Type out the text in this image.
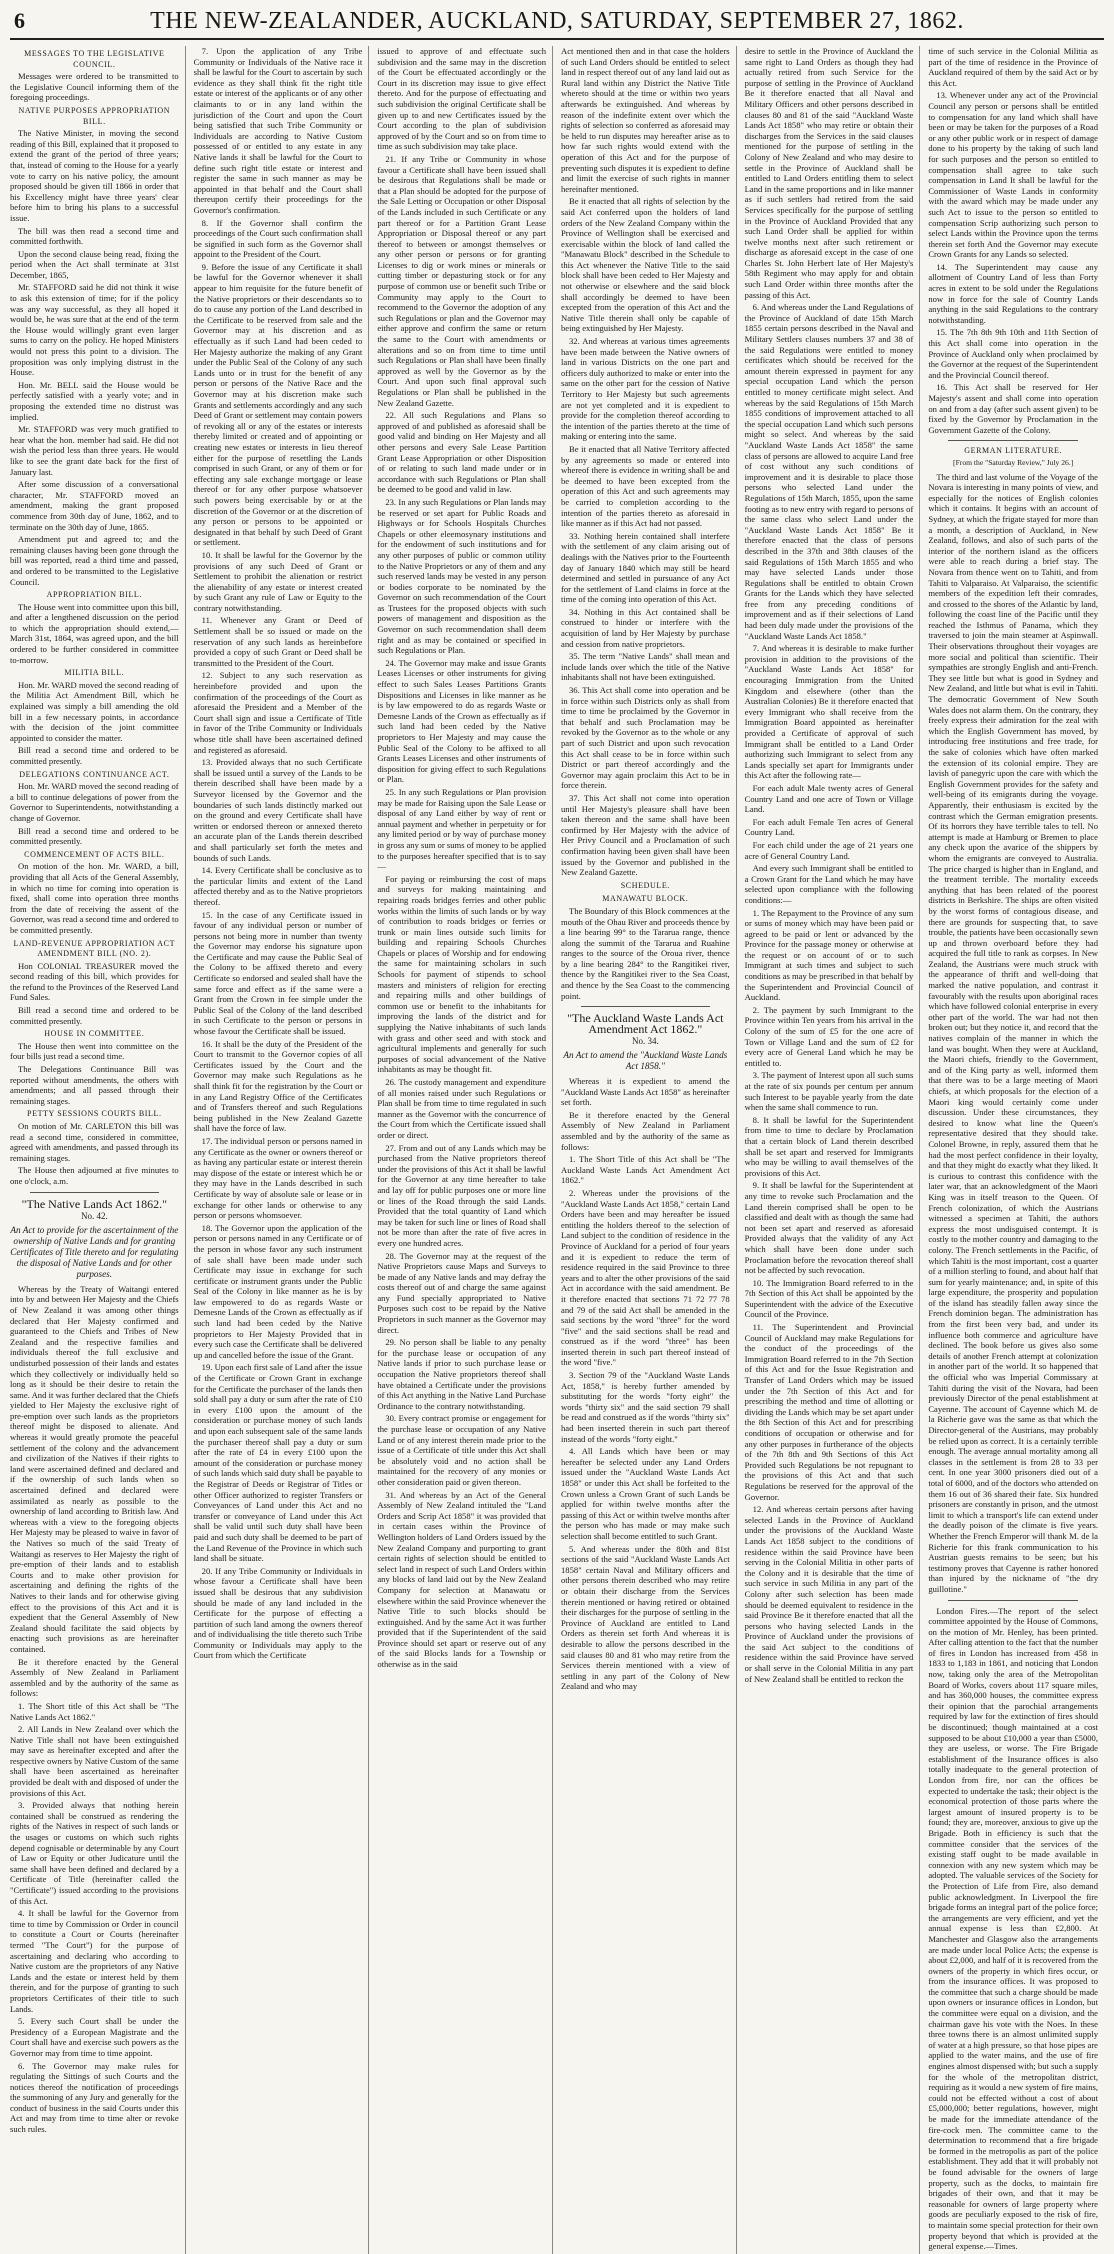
6	THE NEW-ZEALANDER, AUCKLAND, SATURDAY, SEPTEMBER 27, 1862.
MESSAGES TO THE LEGISLATIVE COUNCIL.
Messages were ordered to be transmitted to the Legislative Council informing them of the foregoing proceedings.
NATIVE PURPOSES APPROPRIATION BILL.
The Native Minister, in moving the second reading of this Bill, explained that it proposed to extend the grant of the period of three years; that, instead of coming to the House for a yearly vote to carry on his native policy, the amount proposed should be given till 1866 in order that his Excellency might have three years' clear before him to bring his plans to a successful issue.
The bill was then read a second time and committed forthwith.
Upon the second clause being read, fixing the period when the Act shall terminate at 31st December, 1865,
Mr. STAFFORD said he did not think it wise to ask this extension of time; for if the policy was any way successful, as they all hoped it would be, he was sure that at the end of the term the House would willingly grant even larger sums to carry on the policy. He hoped Ministers would not press this point to a division. The proposition was only implying distrust in the House.
Hon. Mr. BELL said the House would be perfectly satisfied with a yearly vote; and in proposing the extended time no distrust was implied.
Mr. STAFFORD was very much gratified to hear what the hon. member had said. He did not wish the period less than three years. He would like to see the grant date back for the first of January last.
After some discussion of a conversational character, Mr. STAFFORD moved an amendment, making the grant proposed commence from 30th day of June, 1862, and to terminate on the 30th day of June, 1865.
Amendment put and agreed to; and the remaining clauses having been gone through the bill was reported, read a third time and passed, and ordered to be transmitted to the Legislative Council.
APPROPRIATION BILL.
The House went into committee upon this bill, and after a lengthened discussion on the period to which the appropriation should extend,—March 31st, 1864, was agreed upon, and the bill ordered to be further considered in committee to-morrow.
MILITIA BILL.
Hon. Mr. WARD moved the second reading of the Militia Act Amendment Bill, which he explained was simply a bill amending the old bill in a few necessary points, in accordance with the decision of the joint committee appointed to consider the matter.
Bill read a second time and ordered to be committed presently.
DELEGATIONS CONTINUANCE ACT.
Hon. Mr. WARD moved the second reading of a bill to continue delegations of power from the Governor to Superintendents, notwithstanding a change of Governor.
Bill read a second time and ordered to be committed presently.
COMMENCEMENT OF ACTS BILL.
On motion of the hon. Mr. WARD, a bill, providing that all Acts of the General Assembly, in which no time for coming into operation is fixed, shall come into operation three months from the date of receiving the assent of the Governor, was read a second time and ordered to be committed presently.
LAND-REVENUE APPROPRIATION ACT AMENDMENT BILL (NO. 2).
Hon COLONIAL TREASURER moved the second reading of this bill, which provides for the refund to the Provinces of the Reserved Land Fund Sales.
Bill read a second time and ordered to be committed presently.
HOUSE IN COMMITTEE.
The House then went into committee on the four bills just read a second time.
The Delegations Continuance Bill was reported without amendments, the others with amendments; and all passed through their remaining stages.
PETTY SESSIONS COURTS BILL.
On motion of Mr. CARLETON this bill was read a second time, considered in committee, agreed with amendments, and passed through its remaining stages.
The House then adjourned at five minutes to one o'clock, a.m.
"The Native Lands Act 1862."
No. 42.
An Act to provide for the ascertainment of the ownership of Native Lands and for granting Certificates of Title thereto and for regulating the disposal of Native Lands and for other purposes.
Whereas by the Treaty of Waitangi entered into by and between Her Majesty and the Chiefs of New Zealand it was among other things declared that Her Majesty confirmed and guaranteed to the Chiefs and Tribes of New Zealand and the respective families and individuals thereof the full exclusive and undisturbed possession of their lands and estates which they collectively or individually held so long as it should be their desire to retain the same. And it was further declared that the Chiefs yielded to Her Majesty the exclusive right of pre-emption over such lands as the proprietors thereof might be disposed to alienate. And whereas it would greatly promote the peaceful settlement of the colony and the advancement and civilization of the Natives if their rights to land were ascertained defined and declared and if the ownership of such lands when so ascertained defined and declared were assimilated as nearly as possible to the ownership of land according to British law. And whereas with a view to the foregoing objects Her Majesty may be pleased to waive in favor of the Natives so much of the said Treaty of Waitangi as reserves to Her Majesty the right of pre-emption of their lands and to establish Courts and to make other provision for ascertaining and defining the rights of the Natives to their lands and for otherwise giving effect to the provisions of this Act and it is expedient that the General Assembly of New Zealand should facilitate the said objects by enacting such provisions as are hereinafter contained.
Be it therefore enacted by the General Assembly of New Zealand in Parliament assembled and by the authority of the same as follows:
1. The Short title of this Act shall be "The Native Lands Act 1862."
2. All Lands in New Zealand over which the Native Title shall not have been extinguished may save as hereinafter excepted and after the respective owners by Native Custom of the same shall have been ascertained as hereinafter provided be dealt with and disposed of under the provisions of this Act.
3. Provided always that nothing herein contained shall be construed as rendering the rights of the Natives in respect of such lands or the usages or customs on which such rights depend cognisable or determinable by any Court of Law or Equity or other Judicature until the same shall have been defined and declared by a Certificate of Title (hereinafter called the "Certificate") issued according to the provisions of this Act.
4. It shall be lawful for the Governor from time to time by Commission or Order in council to constitute a Court or Courts (hereinafter termed "The Court") for the purpose of ascertaining and declaring who according to Native custom are the proprietors of any Native Lands and the estate or interest held by them therein, and for the purpose of granting to such proprietors Certificates of their title to such Lands.
5. Every such Court shall be under the Presidency of a European Magistrate and the Court shall have and exercise such powers as the Governor may from time to time appoint.
6. The Governor may make rules for regulating the Sittings of such Courts and the notices thereof the notification of proceedings the summoning of any Jury and generally for the conduct of business in the said Courts under this Act and may from time to time alter or revoke such rules.
7. Upon the application of any Tribe Community or Individuals of the Native race it shall be lawful for the Court to ascertain by such evidence as they shall think fit the right title estate or interest of the applicants or of any other claimants to or in any land within the jurisdiction of the Court and upon the Court being satisfied that such Tribe Community or Individuals are according to Native Custom possessed of or entitled to any estate in any Native lands it shall be lawful for the Court to define such right title estate or interest and register the same in such manner as may be appointed in that behalf and the Court shall thereupon certify their proceedings for the Governor's confirmation.
8. If the Governor shall confirm the proceedings of the Court such confirmation shall be signified in such form as the Governor shall appoint to the President of the Court.
9. Before the issue of any Certificate it shall be lawful for the Governor whenever it shall appear to him requisite for the future benefit of the Native proprietors or their descendants so to do to cause any portion of the Land described in the Certificate to be reserved from sale and the Governor may at his discretion and as effectually as if such Land had been ceded to Her Majesty authorize the making of any Grant under the Public Seal of the Colony of any such Lands unto or in trust for the benefit of any person or persons of the Native Race and the Governor may at his discretion make such Grants and settlements accordingly and any such Deed of Grant or settlement may contain powers of revoking all or any of the estates or interests thereby limited or created and of appointing or creating new estates or interests in lieu thereof either for the purpose of resettling the Lands comprised in such Grant, or any of them or for effecting any sale exchange mortgage or lease thereof or for any other purpose whatsoever such powers being exercisable by or at the discretion of the Governor or at the discretion of any person or persons to be appointed or designated in that behalf by such Deed of Grant or settlement.
10. It shall be lawful for the Governor by the provisions of any such Deed of Grant or Settlement to prohibit the alienation or restrict the alienability of any estate or interest created by such Grant any rule of Law or Equity to the contrary notwithstanding.
11. Whenever any Grant or Deed of Settlement shall be so issued or made on the reservation of any such lands as hereinbefore provided a copy of such Grant or Deed shall be transmitted to the President of the Court.
12. Subject to any such reservation as hereinbefore provided and upon the confirmation of the proceedings of the Court as aforesaid the President and a Member of the Court shall sign and issue a Certificate of Title in favor of the Tribe Community or Individuals whose title shall have been ascertained defined and registered as aforesaid.
13. Provided always that no such Certificate shall be issued until a survey of the Lands to be therein described shall have been made by a Surveyor licensed by the Governor and the boundaries of such lands distinctly marked out on the ground and every Certificate shall have written or endorsed thereon or annexed thereto an accurate plan of the Lands therein described and shall particularly set forth the metes and bounds of such Lands.
14. Every Certificate shall be conclusive as to the particular limits and extent of the Land affected thereby and as to the Native proprietors thereof.
15. In the case of any Certificate issued in favour of any individual person or number of persons not being more in number than twenty the Governor may endorse his signature upon the Certificate and may cause the Public Seal of the Colony to be affixed thereto and every Certificate so endorsed and sealed shall have the same force and effect as if the same were a Grant from the Crown in fee simple under the Public Seal of the Colony of the land described in such Certificate to the person or persons in whose favour the Certificate shall be issued.
16. It shall be the duty of the President of the Court to transmit to the Governor copies of all Certificates issued by the Court and the Governor may make such Regulations as he shall think fit for the registration by the Court or in any Land Registry Office of the Certificates and of Transfers thereof and such Regulations being published in the New Zealand Gazette shall have the force of law.
17. The individual person or persons named in any Certificate as the owner or owners thereof or as having any particular estate or interest therein may dispose of the estate or interest which he or they may have in the Lands described in such Certificate by way of absolute sale or lease or in exchange for other lands or otherwise to any person or persons whomsoever.
18. The Governor upon the application of the person or persons named in any Certificate or of the person in whose favor any such instrument of sale shall have been made under such Certificate may issue in exchange for such certificate or instrument grants under the Public Seal of the Colony in like manner as he is by law empowered to do as regards Waste or Demesne Lands of the Crown as effectually as if such land had been ceded by the Native proprietors to Her Majesty Provided that in every such case the Certificate shall be delivered up and cancelled before the issue of the Grant.
19. Upon each first sale of Land after the issue of the Certificate or Crown Grant in exchange for the Certificate the purchaser of the lands then sold shall pay a duty or sum after the rate of £10 in every £100 upon the amount of the consideration or purchase money of such lands and upon each subsequent sale of the same lands the purchaser thereof shall pay a duty or sum after the rate of £4 in every £100 upon the amount of the consideration or purchase money of such lands which said duty shall be payable to the Registrar of Deeds or Registrar of Titles or other Officer authorized to register Transfers or Conveyances of Land under this Act and no transfer or conveyance of Land under this Act shall be valid until such duty shall have been paid and such duty shall be deemed to be part of the Land Revenue of the Province in which such land shall be situate.
20. If any Tribe Community or Individuals in whose favour a Certificate shall have been issued shall be desirous that any subdivision should be made of any land included in the Certificate for the purpose of effecting a partition of such land among the owners thereof and of individualising the title thereto such Tribe Community or Individuals may apply to the Court from which the Certificate
issued to approve of and effectuate such subdivision and the same may in the discretion of the Court be effectuated accordingly or the Court in its discretion may issue to give effect thereto. And for the purpose of effectuating and such subdivision the original Certificate shall be given up to and new Certificates issued by the Court according to the plan of subdivision approved of by the Court and so on from time to time as such subdivision may take place.
21. If any Tribe or Community in whose favour a Certificate shall have been issued shall be desirous that Regulations shall be made or that a Plan should be adopted for the purpose of the Sale Letting or Occupation or other Disposal of the Lands included in such Certificate or any part thereof or for a Partition Grant Lease Appropriation or Disposal thereof or any part thereof to between or amongst themselves or any other person or persons or for granting Licenses to dig or work mines or minerals or cutting timber or depasturing stock or for any purpose of common use or benefit such Tribe or Community may apply to the Court to recommend to the Governor the adoption of any such Regulations or plan and the Governor may either approve and confirm the same or return the same to the Court with amendments or alterations and so on from time to time until such Regulations or Plan shall have been finally approved as well by the Governor as by the Court. And upon such final approval such Regulations or Plan shall be published in the New Zealand Gazette.
22. All such Regulations and Plans so approved of and published as aforesaid shall be good valid and binding on Her Majesty and all other persons and every Sale Lease Partition Grant Lease Appropriation or other Disposition of or relating to such land made under or in accordance with such Regulations or Plan shall be deemed to be good and valid in law.
23. In any such Regulations or Plan lands may be reserved or set apart for Public Roads and Highways or for Schools Hospitals Churches Chapels or other eleemosynary institutions and for the endowment of such institutions and for any other purposes of public or common utility to the Native Proprietors or any of them and any such reserved lands may be vested in any person or bodies corporate to be nominated by the Governor on such recommendation of the Court as Trustees for the proposed objects with such powers of management and disposition as the Governor on such recommendation shall deem right and as may be contained or specified in such Regulations or Plan.
24. The Governor may make and issue Grants Leases Licenses or other instruments for giving effect to such Sales Leases Partitions Grants Dispositions and Licenses in like manner as he is by law empowered to do as regards Waste or Demesne Lands of the Crown as effectually as if such land had been ceded by the Native proprietors to Her Majesty and may cause the Public Seal of the Colony to be affixed to all Grants Leases Licenses and other instruments of disposition for giving effect to such Regulations or Plan.
25. In any such Regulations or Plan provision may be made for Raising upon the Sale Lease or disposal of any Land either by way of rent or annual payment and whether in perpetuity or for any limited period or by way of purchase money in gross any sum or sums of money to be applied to the purposes hereafter specified that is to say—
For paying or reimbursing the cost of maps and surveys for making maintaining and repairing roads bridges ferries and other public works within the limits of such lands or by way of contribution to roads bridges or ferries or trunk or main lines outside such limits for building and repairing Schools Churches Chapels or places of Worship and for endowing the same for maintaining scholars in such Schools for payment of stipends to school masters and ministers of religion for erecting and repairing mills and other buildings of common use or benefit to the inhabitants for improving the lands of the district and for supplying the Native inhabitants of such lands with grass and other seed and with stock and agricultural implements and generally for such purposes of social advancement of the Native inhabitants as may be thought fit.
26. The custody management and expenditure of all monies raised under such Regulations or Plan shall be from time to time regulated in such manner as the Governor with the concurrence of the Court from which the Certificate issued shall order or direct.
27. From and out of any Lands which may be purchased from the Native proprietors thereof under the provisions of this Act it shall be lawful for the Governor at any time hereafter to take and lay off for public purposes one or more line or lines of the Road through the said Lands. Provided that the total quantity of Land which may be taken for such line or lines of Road shall not be more than after the rate of five acres in every one hundred acres.
28. The Governor may at the request of the Native Proprietors cause Maps and Surveys to be made of any Native lands and may defray the costs thereof out of and charge the same against any Fund specially appropriated to Native Purposes such cost to be repaid by the Native Proprietors in such manner as the Governor may direct.
29. No person shall be liable to any penalty for the purchase lease or occupation of any Native lands if prior to such purchase lease or occupation the Native proprietors thereof shall have obtained a Certificate under the provisions of this Act anything in the Native Land Purchase Ordinance to the contrary notwithstanding.
30. Every contract promise or engagement for the purchase lease or occupation of any Native Land or of any interest therein made prior to the issue of a Certificate of title under this Act shall be absolutely void and no action shall be maintained for the recovery of any monies or other consideration paid or given thereon.
31. And whereas by an Act of the General Assembly of New Zealand intituled the "Land Orders and Scrip Act 1858" it was provided that in certain cases within the Province of Wellington holders of Land Orders issued by the New Zealand Company and purporting to grant certain rights of selection should be entitled to select land in respect of such Land Orders within any blocks of land laid out by the New Zealand Company for selection at Manawatu or elsewhere within the said Province whenever the Native Title to such blocks should be extinguished. And by the same Act it was further provided that if the Superintendent of the said Province should set apart or reserve out of any of the said Blocks lands for a Township or otherwise as in the said
Act mentioned then and in that case the holders of such Land Orders should be entitled to select land in respect thereof out of any land laid out as Rural land within any District the Native Title whereto should at the time or within two years afterwards be extinguished. And whereas by reason of the indefinite extent over which the rights of selection so conferred as aforesaid may be held to run disputes may hereafter arise as to how far such rights would extend with the operation of this Act and for the purpose of preventing such disputes it is expedient to define and limit the exercise of such rights in manner hereinafter mentioned.
Be it enacted that all rights of selection by the said Act conferred upon the holders of land orders of the New Zealand Company within the Province of Wellington shall be exercised and exercisable within the block of land called the "Manawatu Block" described in the Schedule to this Act whenever the Native Title to the said block shall have been ceded to Her Majesty and not otherwise or elsewhere and the said block shall accordingly be deemed to have been excepted from the operation of this Act and the Native Title therein shall only be capable of being extinguished by Her Majesty.
32. And whereas at various times agreements have been made between the Native owners of land in various Districts on the one part and officers duly authorized to make or enter into the same on the other part for the cession of Native Territory to Her Majesty but such agreements are not yet completed and it is expedient to provide for the completion thereof according to the intention of the parties thereto at the time of making or entering into the same.
Be it enacted that all Native Territory affected by any agreements so made or entered into whereof there is evidence in writing shall be and be deemed to have been excepted from the operation of this Act and such agreements may be carried to completion according to the intention of the parties thereto as aforesaid in like manner as if this Act had not passed.
33. Nothing herein contained shall interfere with the settlement of any claim arising out of dealings with the Natives prior to the Fourteenth day of January 1840 which may still be heard determined and settled in pursuance of any Act for the settlement of Land claims in force at the time of the coming into operation of this Act.
34. Nothing in this Act contained shall be construed to hinder or interfere with the acquisition of land by Her Majesty by purchase and cession from native proprietors.
35. The term "Native Lands" shall mean and include lands over which the title of the Native inhabitants shall not have been extinguished.
36. This Act shall come into operation and be in force within such Districts only as shall from time to time be proclaimed by the Governor in that behalf and such Proclamation may be revoked by the Governor as to the whole or any part of such District and upon such revocation this Act shall cease to be in force within such District or part thereof accordingly and the Governor may again proclaim this Act to be in force therein.
37. This Act shall not come into operation until Her Majesty's pleasure shall have been taken thereon and the same shall have been confirmed by Her Majesty with the advice of Her Privy Council and a Proclamation of such confirmation having been given shall have been issued by the Governor and published in the New Zealand Gazette.
SCHEDULE.
MANAWATU BLOCK.
The Boundary of this Block commences at the mouth of the Ohau River and proceeds thence by a line bearing 99° to the Tararua range, thence along the summit of the Tararua and Ruahine ranges to the source of the Oroua river, thence by a line bearing 284° to the Rangitikei river, thence by the Rangitikei river to the Sea Coast, and thence by the Sea Coast to the commencing point.
"The Auckland Waste Lands Act Amendment Act 1862."
No. 34.
An Act to amend the "Auckland Waste Lands Act 1858."
Whereas it is expedient to amend the "Auckland Waste Lands Act 1858" as hereinafter set forth.
Be it therefore enacted by the General Assembly of New Zealand in Parliament assembled and by the authority of the same as follows:
1. The Short Title of this Act shall be "The Auckland Waste Lands Act Amendment Act 1862."
2. Whereas under the provisions of the "Auckland Waste Lands Act 1858," certain Land Orders have been and may hereafter be issued entitling the holders thereof to the selection of Land subject to the condition of residence in the Province of Auckland for a period of four years and it is expedient to reduce the term of residence required in the said Province to three years and to alter the other provisions of the said Act in accordance with the said amendment. Be it therefore enacted that sections 71 72 77 78 and 79 of the said Act shall be amended in the said sections by the word "three" for the word "five" and the said sections shall be read and construed as if the word "three" has been inserted therein in such part thereof instead of the word "five."
3. Section 79 of the "Auckland Waste Lands Act, 1858," is hereby further amended by substituting for the words "forty eight" the words "thirty six" and the said section 79 shall be read and construed as if the words "thirty six" had been inserted therein in such part thereof instead of the words "forty eight."
4. All Lands which have been or may hereafter be selected under any Land Orders issued under the "Auckland Waste Lands Act 1858" or under this Act shall be forfeited to the Crown unless a Crown Grant of such Lands be applied for within twelve months after the passing of this Act or within twelve months after the person who has made or may make such selection shall become entitled to such Grant.
5. And whereas under the 80th and 81st sections of the said "Auckland Waste Lands Act 1858" certain Naval and Military officers and other persons therein described who may retire or obtain their discharge from the Services therein mentioned or having retired or obtained their discharges for the purpose of settling in the Province of Auckland are entitled to Land Orders as therein set forth And whereas it is desirable to allow the persons described in the said clauses 80 and 81 who may retire from the Services therein mentioned with a view of settling in any part of the Colony of New Zealand and who may
desire to settle in the Province of Auckland the same right to Land Orders as though they had actually retired from such Service for the purpose of settling in the Province of Auckland Be it therefore enacted that all Naval and Military Officers and other persons described in clauses 80 and 81 of the said "Auckland Waste Lands Act 1858" who may retire or obtain their discharges from the Services in the said clauses mentioned for the purpose of settling in the Colony of New Zealand and who may desire to settle in the Province of Auckland shall be entitled to Land Orders entitling them to select Land in the same proportions and in like manner as if such settlers had retired from the said Services specifically for the purpose of settling in the Province of Auckland Provided that any such Land Order shall be applied for within twelve months next after such retirement or discharge as aforesaid except in the case of one Charles St. John Herbert late of Her Majesty's 58th Regiment who may apply for and obtain such Land Order within three months after the passing of this Act.
6. And whereas under the Land Regulations of the Province of Auckland of date 15th March 1855 certain persons described in the Naval and Military Settlers clauses numbers 37 and 38 of the said Regulations were entitled to money certificates which should be received for the amount therein expressed in payment for any special occupation Land which the person entitled to money certificate might select. And whereas by the said Regulations of 15th March 1855 conditions of improvement attached to all the special occupation Land which such persons might so select. And whereas by the said "Auckland Waste Lands Act 1858" the same class of persons are allowed to acquire Land free of cost without any such conditions of improvement and it is desirable to place those persons who selected Land under the Regulations of 15th March, 1855, upon the same footing as to new entry with regard to persons of the same class who select Land under the "Auckland Waste Lands Act 1858" Be it therefore enacted that the class of persons described in the 37th and 38th clauses of the said Regulations of 15th March 1855 and who may have selected Lands under those Regulations shall be entitled to obtain Crown Grants for the Lands which they have selected free from any preceding conditions of improvement and as if their selections of Land had been duly made under the provisions of the "Auckland Waste Lands Act 1858."
7. And whereas it is desirable to make further provision in addition to the provisions of the "Auckland Waste Lands Act 1858" for encouraging Immigration from the United Kingdom and elsewhere (other than the Australian Colonies) Be it therefore enacted that every Immigrant who shall receive from the Immigration Board appointed as hereinafter provided a Certificate of approval of such Immigrant shall be entitled to a Land Order authorizing such Immigrant to select from any Lands specially set apart for Immigrants under this Act after the following rate—
For each adult Male twenty acres of General Country Land and one acre of Town or Village Land.
For each adult Female Ten acres of General Country Land.
For each child under the age of 21 years one acre of General Country Land.
And every such Immigrant shall be entitled to a Crown Grant for the Land which he may have selected upon compliance with the following conditions:—
1. The Repayment to the Province of any sum or sums of money which may have been paid or agreed to be paid or lent or advanced by the Province for the passage money or otherwise at the request or on account of or to such Immigrant at such times and subject to such conditions as may be prescribed in that behalf by the Superintendent and Provincial Council of Auckland.
2. The payment by such Immigrant to the Province within Ten years from his arrival in the Colony of the sum of £5 for the one acre of Town or Village Land and the sum of £2 for every acre of General Land which he may be entitled to.
3. The payment of Interest upon all such sums at the rate of six pounds per centum per annum such Interest to be payable yearly from the date when the same shall commence to run.
8. It shall be lawful for the Superintendent from time to time to declare by Proclamation that a certain block of Land therein described shall be set apart and reserved for Immigrants who may be willing to avail themselves of the provisions of this Act.
9. It shall be lawful for the Superintendent at any time to revoke such Proclamation and the Land therein comprised shall be open to be classified and dealt with as though the same had not been set apart and reserved as aforesaid Provided always that the validity of any Act which shall have been done under such Proclamation before the revocation thereof shall not be affected by such revocation.
10. The Immigration Board referred to in the 7th Section of this Act shall be appointed by the Superintendent with the advice of the Executive Council of the Province.
11. The Superintendent and Provincial Council of Auckland may make Regulations for the conduct of the proceedings of the Immigration Board referred to in the 7th Section of this Act and for the Issue Registration and Transfer of Land Orders which may be issued under the 7th Section of this Act and for prescribing the method and time of allotting or dividing the Lands which may be set apart under the 8th Section of this Act and for prescribing conditions of occupation or otherwise and for any other purposes in furtherance of the objects of the 7th 8th and 9th Sections of this Act Provided such Regulations be not repugnant to the provisions of this Act and that such Regulations be reserved for the approval of the Governor.
12. And whereas certain persons after having selected Lands in the Province of Auckland under the provisions of the Auckland Waste Lands Act 1858 subject to the conditions of residence within the said Province have been serving in the Colonial Militia in other parts of the Colony and it is desirable that the time of such service in such Militia in any part of the Colony after such selection has been made should be deemed equivalent to residence in the said Province Be it therefore enacted that all the persons who having selected Lands in the Province of Auckland under the provisions of the said Act subject to the conditions of residence within the said Province have served or shall serve in the Colonial Militia in any part of New Zealand shall be entitled to reckon the
time of such service in the Colonial Militia as part of the time of residence in the Province of Auckland required of them by the said Act or by this Act.
13. Whenever under any act of the Provincial Council any person or persons shall be entitled to compensation for any land which shall have been or may be taken for the purposes of a Road or any other public work or in respect of damage done to his property by the taking of such land for such purposes and the person so entitled to compensation shall agree to take such compensation in Land It shall be lawful for the Commissioner of Waste Lands in conformity with the award which may be made under any such Act to issue to the person so entitled to compensation Scrip authorizing such person to select Lands within the Province upon the terms therein set forth And the Governor may execute Crown Grants for any Lands so selected.
14. The Superintendent may cause any allotment of Country Land of less than Forty acres in extent to be sold under the Regulations now in force for the sale of Country Lands anything in the said Regulations to the contrary notwithstanding.
15. The 7th 8th 9th 10th and 11th Section of this Act shall come into operation in the Province of Auckland only when proclaimed by the Governor at the request of the Superintendent and the Provincial Council thereof.
16. This Act shall be reserved for Her Majesty's assent and shall come into operation on and from a day (after such assent given) to be fixed by the Governor by Proclamation in the Government Gazette of the Colony.
GERMAN LITERATURE.
[From the "Saturday Review," July 26.]
The third and last volume of the Voyage of the Novara is interesting in many points of view, and especially for the notices of English colonies which it contains. It begins with an account of Sydney, at which the frigate stayed for more than a month, a description of Auckland, in New Zealand, follows, and also of such parts of the interior of the northern island as the officers were able to reach during a brief stay. The Novara from thence went on to Tahiti, and from Tahiti to Valparaiso. At Valparaiso, the scientific members of the expedition left their comrades, and crossed to the shores of the Atlantic by land, following the coast line of the Pacific until they reached the Isthmus of Panama, which they traversed to join the main steamer at Aspinwall. Their observations throughout their voyages are more social and political than scientific. Their sympathies are strongly English and anti-French. They see little but what is good in Sydney and New Zealand, and little but what is evil in Tahiti. The democratic Government of New South Wales does not alarm them. On the contrary, they freely express their admiration for the zeal with which the English Government has moved, by introducing free institutions and free trade, for the sake of colonies which have often marked the extension of its colonial empire. They are lavish of panegyric upon the care with which the English Government provides for the safety and well-being of its emigrants during the voyage. Apparently, their enthusiasm is excited by the contrast which the German emigration presents. Of its horrors they have terrible tales to tell. No attempt is made at Hamburg or Bremen to place any check upon the avarice of the shippers by whom the emigrants are conveyed to Australia. The price charged is higher than in England, and the treatment terrible. The mortality exceeds anything that has been related of the poorest districts in Berkshire. The ships are often visited by the worst forms of contagious disease, and there are grounds for suspecting that, to save trouble, the patients have been occasionally sewn up and thrown overboard before they had acquired the full title to rank as corpses. In New Zealand, the Austrians were much struck with the appearance of thrift and well-doing that marked the native population, and contrast it favourably with the results upon aboriginal races which have followed colonial enterprise in every other part of the world. The war had not then broken out; but they notice it, and record that the natives complain of the manner in which the land was bought. When they were at Auckland, the Maori chiefs, friendly to the Government, and of the King party as well, informed them that there was to be a large meeting of Maori chiefs, at which proposals for the election of a Maori king would certainly come under discussion. Under these circumstances, they desired to know what line the Queen's representative desired that they should take. Colonel Browne, in reply, assured them that he had the most perfect confidence in their loyalty, and that they might do exactly what they liked. It is curious to contrast this confidence with the later war, that an acknowledgment of the Maori King was in itself treason to the Queen. Of French colonization, of which the Austrians witnessed a specimen at Tahiti, the authors express the most undisguised contempt. It is costly to the mother country and damaging to the colony. The French settlements in the Pacific, of which Tahiti is the most important, cost a quarter of a million sterling to found, and about half that sum for yearly maintenance; and, in spite of this large expenditure, the prosperity and population of the island has steadily fallen away since the French dominion began. The administration has from the first been very bad, and under its influence both commerce and agriculture have declined. The book before us gives also some details of another French attempt at colonization in another part of the world. It so happened that the official who was Imperial Commissary at Tahiti during the visit of the Novara, had been previously Director of the penal establishment at Cayenne. The account of Cayenne which M. de la Richerie gave was the same as that which the Director-general of the Austrians, may probably be relied upon as correct. It is a certainly terrible enough. The average annual mortality among all classes in the settlement is from 28 to 33 per cent. In one year 3000 prisoners died out of a total of 6000, and of the doctors who attended on them 16 out of 36 shared their fate. Six hundred prisoners are constantly in prison, and the utmost limit to which a transport's life can extend under the deadly poison of the climate is five years. Whether the French Emperor will thank M. de la Richerie for this frank communication to his Austrian guests remains to be seen; but his testimony proves that Cayenne is rather honored than injured by the nickname of "the dry guillotine."
London Fires.—The report of the select committee appointed by the House of Commons, on the motion of Mr. Henley, has been printed. After calling attention to the fact that the number of fires in London has increased from 458 in 1833 to 1,183 in 1861, and noticing that London now, taking only the area of the Metropolitan Board of Works, covers about 117 square miles, and has 360,000 houses, the committee express their opinion that the parochial arrangements required by law for the extinction of fires should be discontinued; though maintained at a cost supposed to be about £10,000 a year than £5000, they are useless, or worse. The Fire Brigade establishment of the Insurance offices is also totally inadequate to the general protection of London from fire, nor can the offices be expected to undertake the task; their object is the economical protection of those parts where the largest amount of insured property is to be found; they are, moreover, anxious to give up the Brigade. Both in efficiency is such that the committee consider that the services of the existing staff ought to be made available in connexion with any new system which may be adopted. The valuable services of the Society for the Protection of Life from Fire, also demand public acknowledgment. In Liverpool the fire brigade forms an integral part of the police force; the arrangements are very efficient, and yet the annual expense is less than £2,800. At Manchester and Glasgow also the arrangements are made under local Police Acts; the expense is about £2,000, and half of it is recovered from the owners of the property in which fires occur, or from the insurance offices. It was proposed to the committee that such a charge should be made upon owners or insurance offices in London, but the committee were equal on a division, and the chairman gave his vote with the Noes. In these three towns there is an almost unlimited supply of water at a high pressure, so that hose pipes are applied to the water mains, and the use of fire engines almost dispensed with; but such a supply for the whole of the metropolitan district, requiring as it would a new system of fire mains, could not be effected without a cost of about £5,000,000; better regulations, however, might be made for the immediate attendance of the fire-cock men. The committee came to the determination to recommend that a fire brigade be formed in the metropolis as part of the police establishment. They add that it will probably not be found advisable for the owners of large property, such as the docks, to maintain fire brigades of their own, and that it may be reasonable for owners of large property where goods are peculiarly exposed to the risk of fire, to maintain some special protection for their own property beyond that which is provided at the general expense.—Times.
